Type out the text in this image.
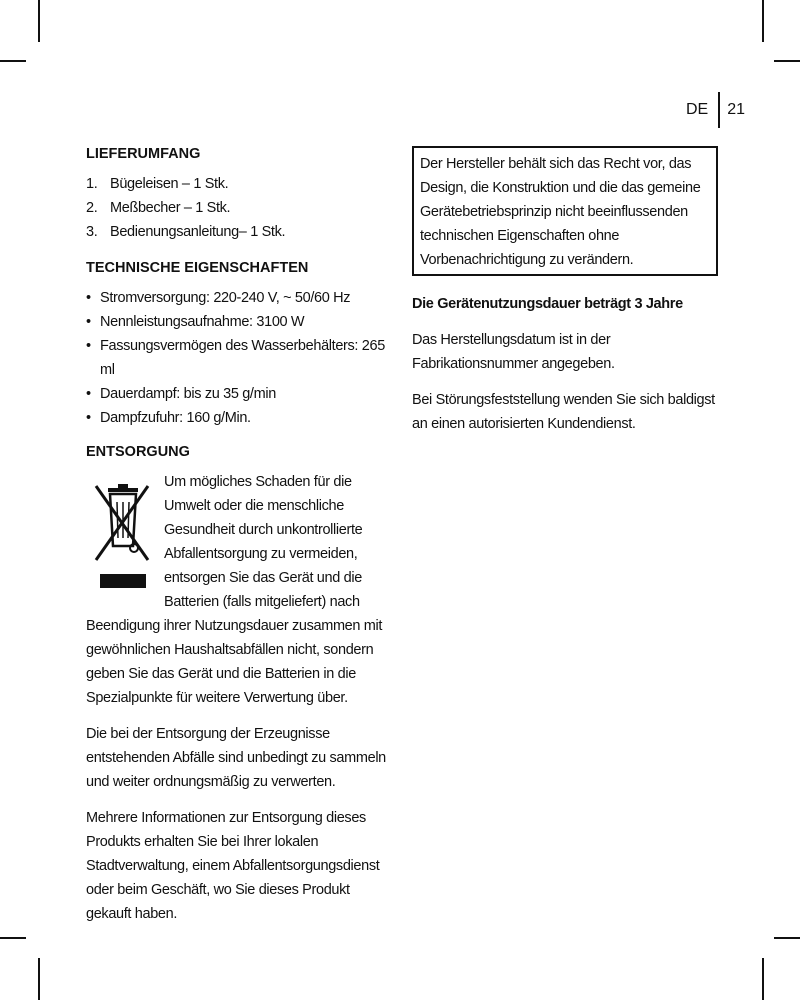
DE	21
LIEFERUMFANG
1. Bügeleisen – 1 Stk.
2. Meßbecher – 1 Stk.
3. Bedienungsanleitung– 1 Stk.
TECHNISCHE EIGENSCHAFTEN
• Stromversorgung: 220-240 V, ~ 50/60 Hz
• Nennleistungsaufnahme: 3100 W
• Fassungsvermögen des Wasserbehälters: 265 ml
• Dauerdampf: bis zu 35 g/min
• Dampfzufuhr: 160 g/Min.
ENTSORGUNG

Um mögliches Schaden für die Umwelt oder die menschliche Gesundheit durch unkontrollierte Abfallentsorgung zu vermeiden, entsorgen Sie das Gerät und die Batterien (falls mitgeliefert) nach Beendigung ihrer Nutzungsdauer zusammen mit gewöhnlichen Haushaltsabfällen nicht, sondern geben Sie das Gerät und die Batterien in die Spezialpunkte für weitere Verwertung über.

Die bei der Entsorgung der Erzeugnisse entstehenden Abfälle sind unbedingt zu sammeln und weiter ordnungsmäßig zu verwerten.

Mehrere Informationen zur Entsorgung dieses Produkts erhalten Sie bei Ihrer lokalen Stadtverwaltung, einem Abfallentsorgungsdienst oder beim Geschäft, wo Sie dieses Produkt gekauft haben.

Der Hersteller behält sich das Recht vor, das Design, die Konstruktion und die das gemeine Gerätebetriebsprinzip nicht beeinflussenden technischen Eigenschaften ohne Vorbenachrichtigung zu verändern.

Die Gerätenutzungsdauer beträgt 3 Jahre

Das Herstellungsdatum ist in der Fabrikationsnummer angegeben.

Bei Störungsfeststellung wenden Sie sich baldigst an einen autorisierten Kundendienst.
